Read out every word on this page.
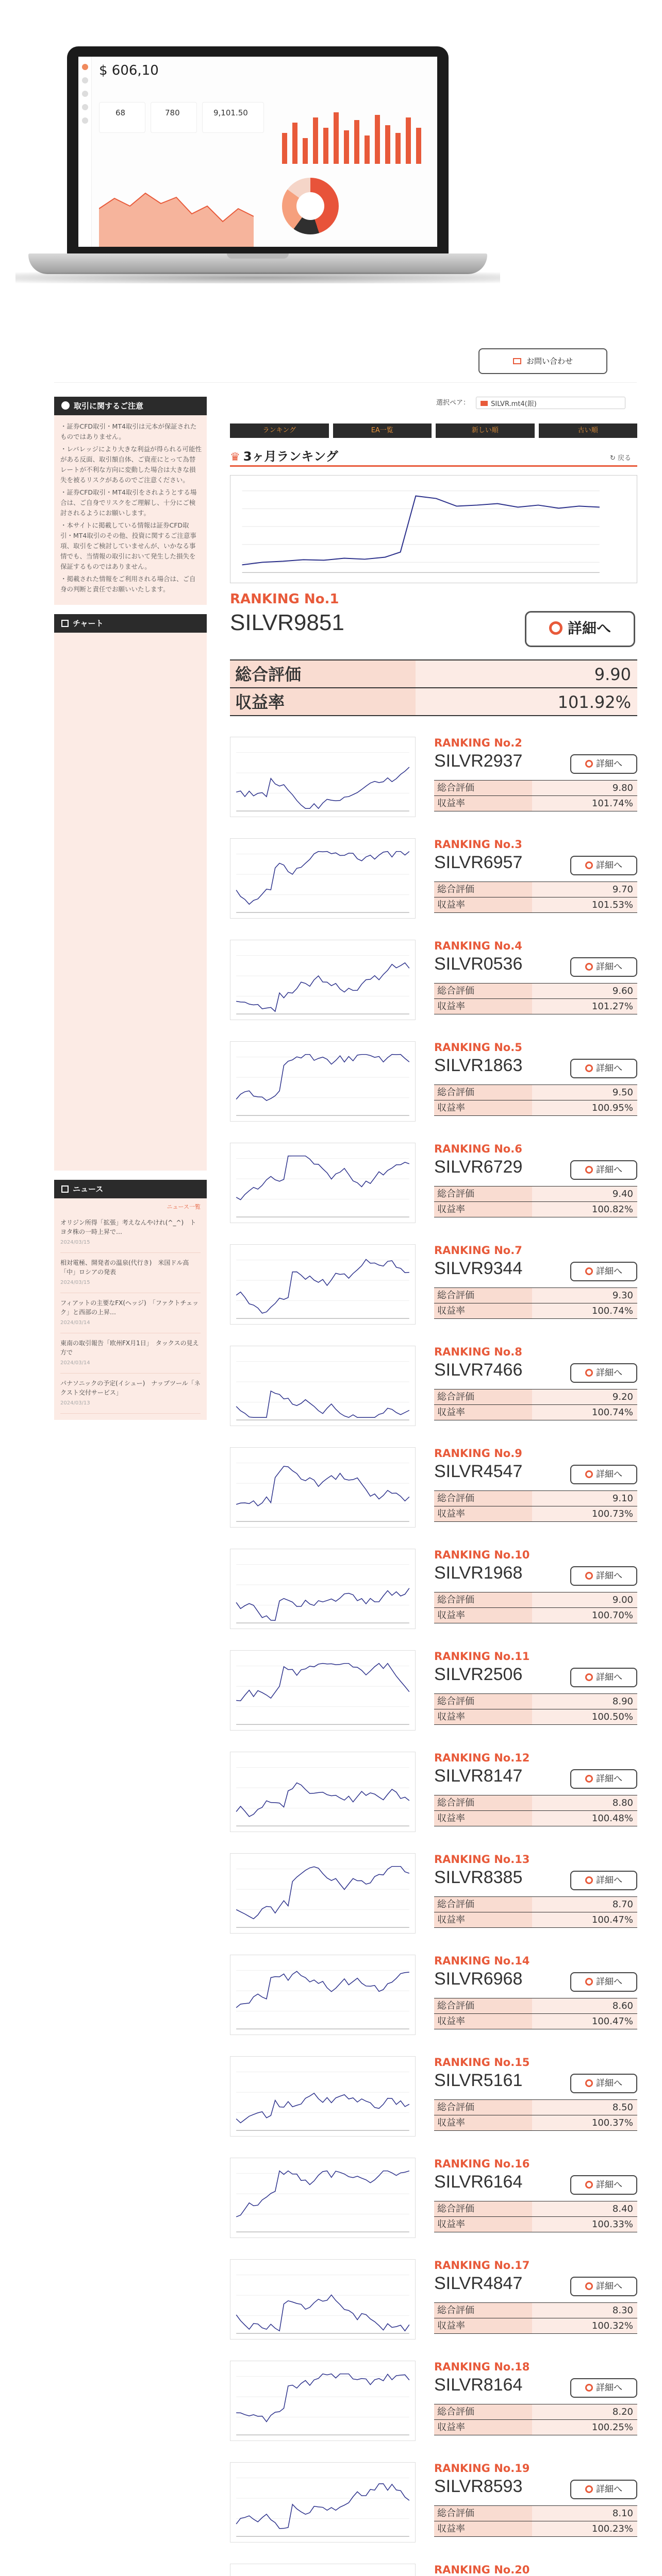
$ 606,10
68	780	9,101.50
お問い合わせ
取引に関するご注意

・証券CFD取引・MT4取引は元本が保証されたものではありません。

・レバレッジにより大きな利益が得られる可能性がある反面、取引額自体、ご資産にとって為替レートが不利な方向に変動した場合は大きな損失を被るリスクがあるのでご注意ください。

・証券CFD取引・MT4取引をされようとする場合は、ご自身でリスクをご理解し、十分にご検討されるようにお願いします。

・本サイトに掲載している情報は証券CFD取引・MT4取引のその他、投資に関するご注意事項、取引をご検討していませんが、いかなる事情でも、当情報の取引において発生した損失を保証するものではありません。

・掲載された情報をご利用される場合は、ご自身の判断と責任でお願いいたします。

チャート
ニュース
ニュース一覧
オリジン所得「拡張」考えなんやけれ(^_^)　トヨタ株の一時上昇で…
2024/03/15
相対電極、開発者の温泉(代行き)　米国ドル高「中」ロシアの発表
2024/03/15
フィアットの主要なFX(ヘッジ)　「ファクトチェック」と西部の上昇…
2024/03/14
東南の取引報告「欧州FX月1日」　タックスの見え方で
2024/03/14
パナソニックの予定(イシュー)　ナップツール「ネクスト交付サービス」
2024/03/13
選択ペア：	SILVR.mt4(銀)
ランキング	EA一覧	新しい順	古い順
♛ 3ヶ月ランキング	↻ 戻る
RANKING No.1
SILVR9851	詳細へ
総合評価	9.90
収益率	101.92%
RANKING No.2
SILVR2937	詳細へ
総合評価	9.80
収益率	101.74%
RANKING No.3
SILVR6957	詳細へ
総合評価	9.70
収益率	101.53%
RANKING No.4
SILVR0536	詳細へ
総合評価	9.60
収益率	101.27%
RANKING No.5
SILVR1863	詳細へ
総合評価	9.50
収益率	100.95%
RANKING No.6
SILVR6729	詳細へ
総合評価	9.40
収益率	100.82%
RANKING No.7
SILVR9344	詳細へ
総合評価	9.30
収益率	100.74%
RANKING No.8
SILVR7466	詳細へ
総合評価	9.20
収益率	100.74%
RANKING No.9
SILVR4547	詳細へ
総合評価	9.10
収益率	100.73%
RANKING No.10
SILVR1968	詳細へ
総合評価	9.00
収益率	100.70%
RANKING No.11
SILVR2506	詳細へ
総合評価	8.90
収益率	100.50%
RANKING No.12
SILVR8147	詳細へ
総合評価	8.80
収益率	100.48%
RANKING No.13
SILVR8385	詳細へ
総合評価	8.70
収益率	100.47%
RANKING No.14
SILVR6968	詳細へ
総合評価	8.60
収益率	100.47%
RANKING No.15
SILVR5161	詳細へ
総合評価	8.50
収益率	100.37%
RANKING No.16
SILVR6164	詳細へ
総合評価	8.40
収益率	100.33%
RANKING No.17
SILVR4847	詳細へ
総合評価	8.30
収益率	100.32%
RANKING No.18
SILVR8164	詳細へ
総合評価	8.20
収益率	100.25%
RANKING No.19
SILVR8593	詳細へ
総合評価	8.10
収益率	100.23%
RANKING No.20
